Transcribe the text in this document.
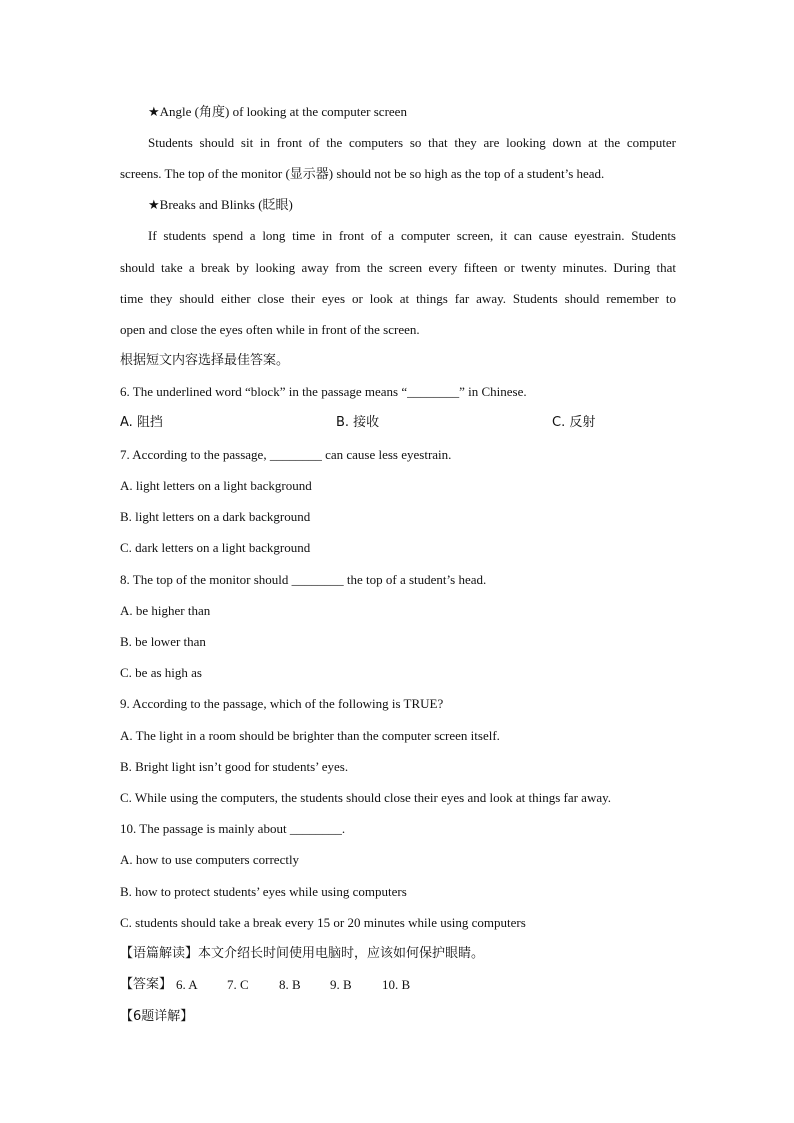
★Angle (角度) of looking at the computer screen
Students should sit in front of the computers so that they are looking down at the computer
screens. The top of the monitor (显示器) should not be so high as the top of a student’s head.
★Breaks and Blinks (眨眼)
If students spend a long time in front of a computer screen, it can cause eyestrain. Students
should take a break by looking away from the screen every fifteen or twenty minutes. During that
time they should either close their eyes or look at things far away. Students should remember to
open and close the eyes often while in front of the screen.
根据短文内容选择最佳答案。
6. The underlined word “block” in the passage means “________” in Chinese.
A. 阻挡	B. 接收	C. 反射
7. According to the passage, ________ can cause less eyestrain.
A. light letters on a light background
B. light letters on a dark background
C. dark letters on a light background
8. The top of the monitor should ________ the top of a student’s head.
A. be higher than
B. be lower than
C. be as high as
9. According to the passage, which of the following is TRUE?
A. The light in a room should be brighter than the computer screen itself.
B. Bright light isn’t good for students’ eyes.
C. While using the computers, the students should close their eyes and look at things far away.
10. The passage is mainly about ________.
A. how to use computers correctly
B. how to protect students’ eyes while using computers
C. students should take a break every 15 or 20 minutes while using computers
【语篇解读】本文介绍长时间使用电脑时，应该如何保护眼睛。
【答案】 6. A 7. C 8. B 9. B 10. B
【6题详解】
